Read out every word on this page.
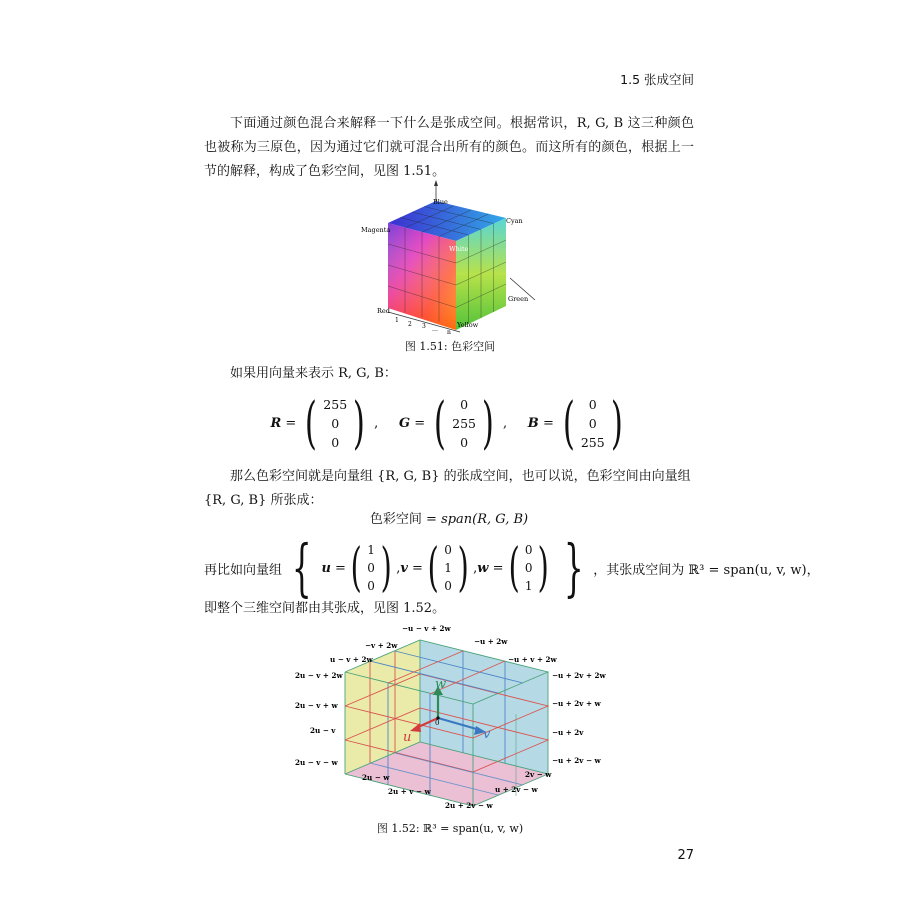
1.5 张成空间
下面通过颜色混合来解释一下什么是张成空间。根据常识，R, G, B 这三种颜色也被称为三原色，因为通过它们就可混合出所有的颜色。而这所有的颜色，根据上一节的解释，构成了色彩空间，见图 1.51。
Blue
Cyan
Magenta
White
Red
Green
Yellow
1
2 3 … n
图 1.51: 色彩空间
如果用向量来表示 R, G, B：
R = ( 255
0
0 ) , G = ( 0
255
0 ) , B = ( 0
0
255 )
那么色彩空间就是向量组 {R, G, B} 的张成空间，也可以说，色彩空间由向量组
{R, G, B} 所张成：
色彩空间 = span(R, G, B)
再比如向量组 { u = ( 1
0
0 ) , v = ( 0
1
0 ) , w = ( 0
0
1 ) } ，其张成空间为 ℝ³ = span(u, v, w)，
即整个三维空间都由其张成，见图 1.52。
0
w
v
u
−u − v + 2w
−u + 2w
−v + 2w
u − v + 2w	−u + v + 2w
−u + 2v + 2w
−u + 2v + w
−u + 2v
−u + 2v − w
2u − v + 2w
2u − v + w
2u − v
2u − v − w
2u − w
2u + v − w
2u + 2v − w
2v − w
u + 2v − w
图 1.52: ℝ³ = span(u, v, w)
27
